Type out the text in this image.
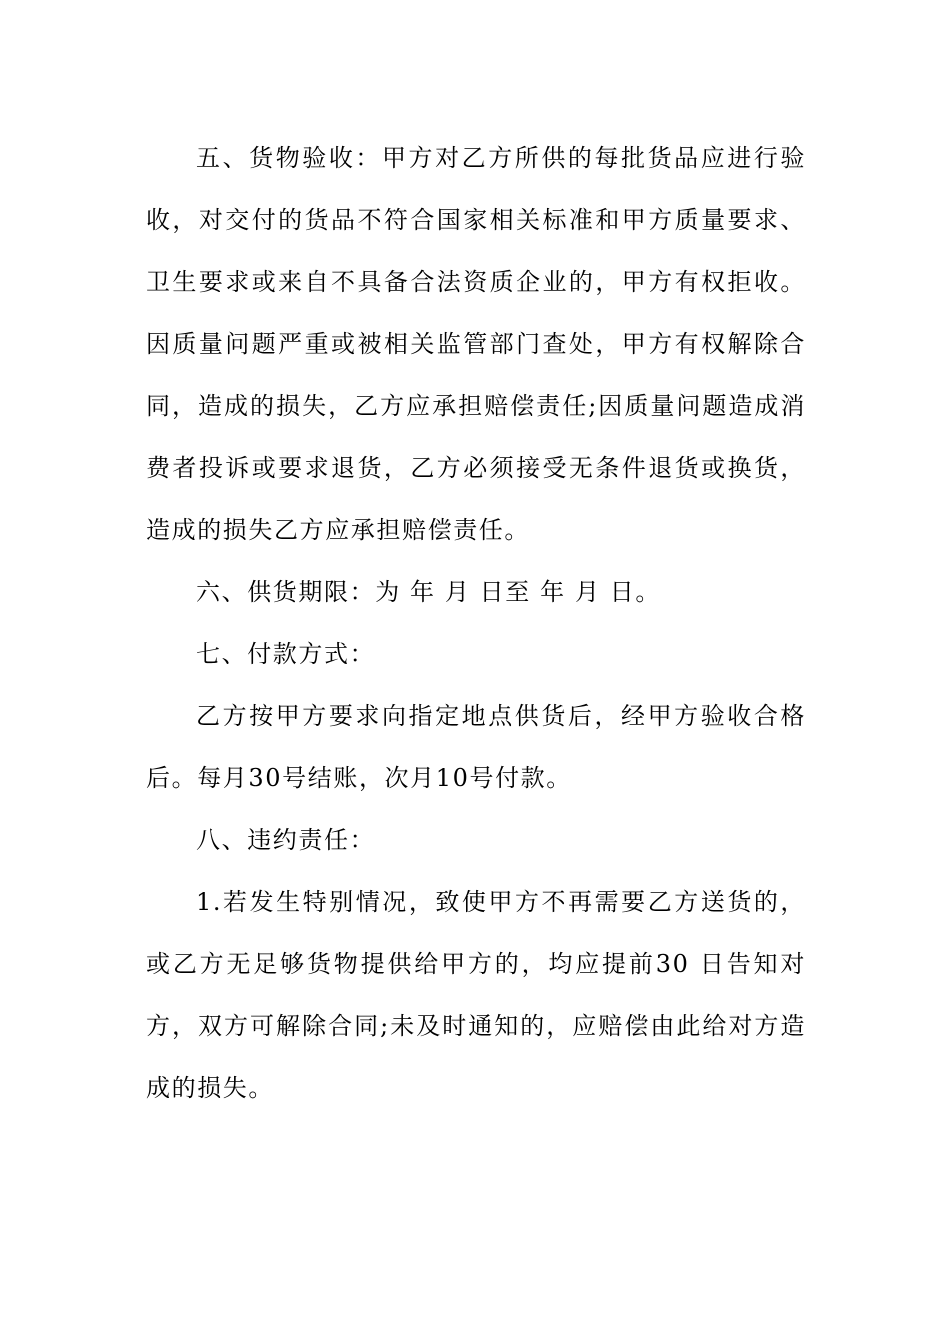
五、货物验收：甲方对乙方所供的每批货品应进行验收，对交付的货品不符合国家相关标准和甲方质量要求、卫生要求或来自不具备合法资质企业的，甲方有权拒收。因质量问题严重或被相关监管部门查处，甲方有权解除合同，造成的损失，乙方应承担赔偿责任;因质量问题造成消费者投诉或要求退货，乙方必须接受无条件退货或换货，造成的损失乙方应承担赔偿责任。

六、供货期限：为 年 月 日至 年 月 日。

七、付款方式：

乙方按甲方要求向指定地点供货后，经甲方验收合格后。每月30号结账，次月10号付款。

八、违约责任：

1.若发生特别情况，致使甲方不再需要乙方送货的，或乙方无足够货物提供给甲方的，均应提前30 日告知对方，双方可解除合同;未及时通知的，应赔偿由此给对方造成的损失。
